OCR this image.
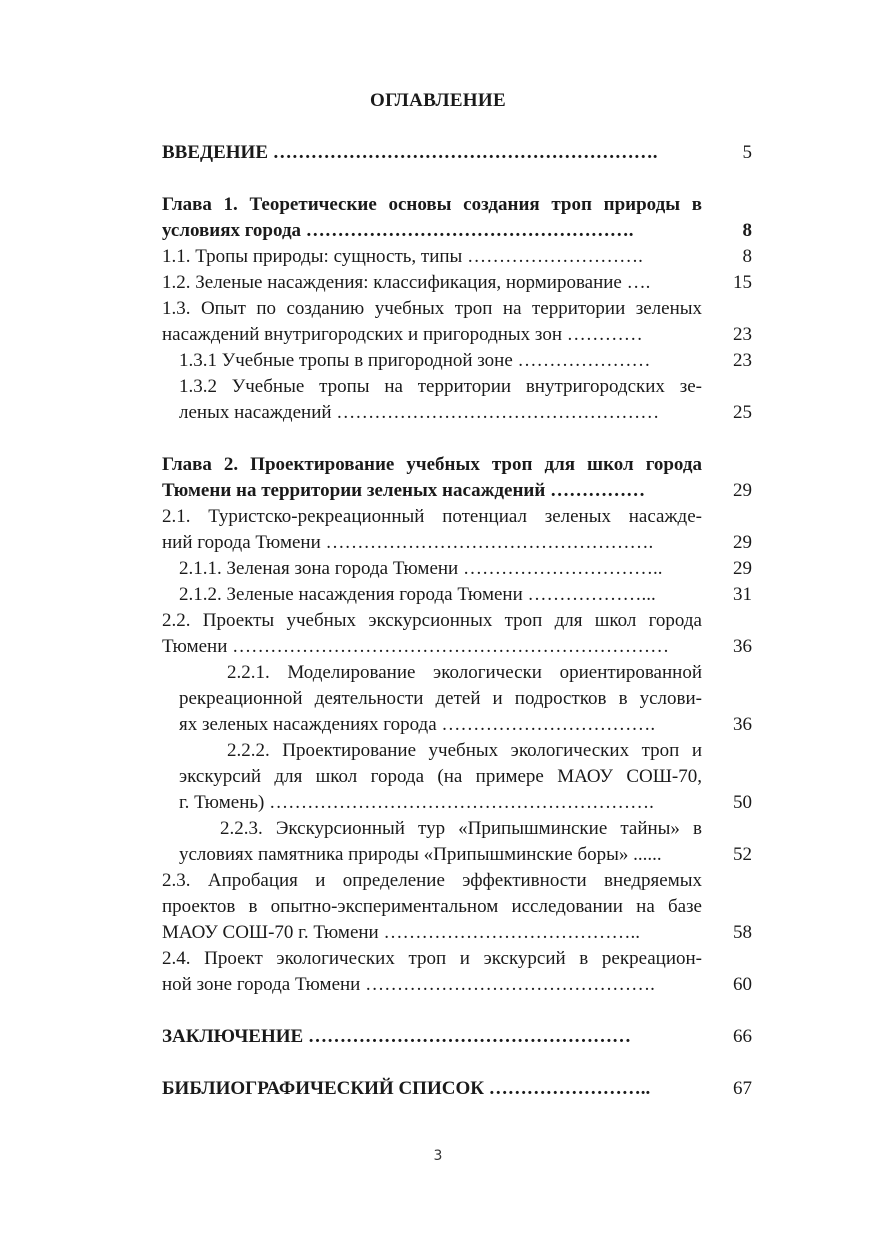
ОГЛАВЛЕНИЕ
ВВЕДЕНИЕ …………………………………………………….	5
Глава 1. Теоретические основы создания троп природы в
условиях города …………………………………………….	8
1.1. Тропы природы: сущность, типы ……………………….	8
1.2. Зеленые насаждения: классификация, нормирование ….	15
1.3. Опыт по созданию учебных троп на территории зеленых
насаждений внутригородских и пригородных зон …………	23
1.3.1 Учебные тропы в пригородной зоне …………………	23
1.3.2 Учебные тропы на территории внутригородских зе-
леных насаждений ……………………………………………	25
Глава 2. Проектирование учебных троп для школ города
Тюмени на территории зеленых насаждений ……………	29
2.1. Туристско-рекреационный потенциал зеленых насажде-
ний города Тюмени …………………………………………….	29
2.1.1. Зеленая зона города Тюмени …………………………..	29
2.1.2. Зеленые насаждения города Тюмени ………………...	31
2.2. Проекты учебных экскурсионных троп для школ города
Тюмени ……………………………………………………………	36
2.2.1. Моделирование экологически ориентированной
рекреационной деятельности детей и подростков в услови-
ях зеленых насаждениях города …………………………….	36
2.2.2. Проектирование учебных экологических троп и
экскурсий для школ города (на примере МАОУ СОШ-70,
г. Тюмень) …………………………………………………….	50
2.2.3. Экскурсионный тур «Припышминские тайны» в
условиях памятника природы «Припышминские боры» ......	52
2.3. Апробация и определение эффективности внедряемых
проектов в опытно-экспериментальном исследовании на базе
МАОУ СОШ-70 г. Тюмени …………………………………..	58
2.4. Проект экологических троп и экскурсий в рекреацион-
ной зоне города Тюмени ……………………………………….	60
ЗАКЛЮЧЕНИЕ ……………………………………………	66
БИБЛИОГРАФИЧЕСКИЙ СПИСОК ……………………..	67
3
